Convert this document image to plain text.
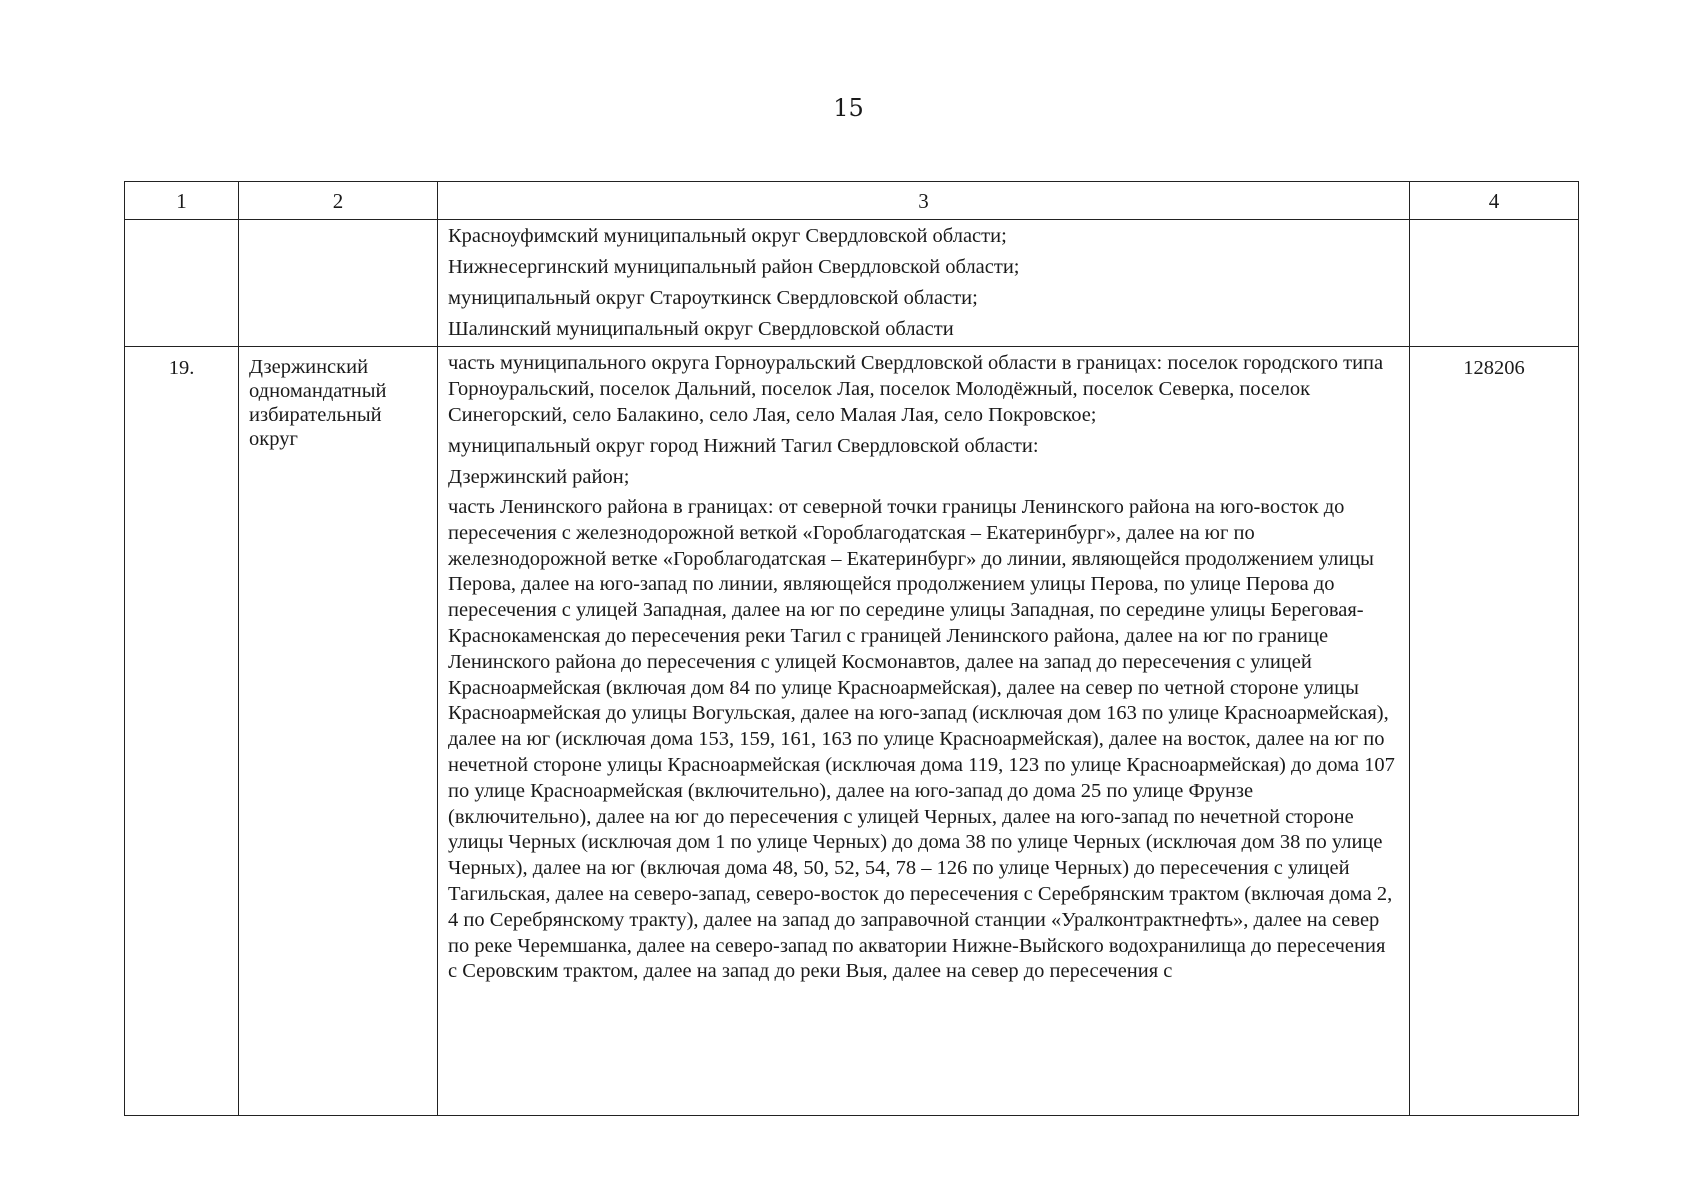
15
1	2	3	4

		Красноуфимский муниципальный округ Свердловской области;
Нижнесергинский муниципальный район Свердловской области;
муниципальный округ Староуткинск Свердловской области;
Шалинский муниципальный округ Свердловской области	

19.	Дзержинский одномандатный избирательный округ	часть муниципального округа Горноуральский Свердловской области в границах: поселок городского типа Горноуральский, поселок Дальний, поселок Лая, поселок Молодёжный, поселок Северка, поселок Синегорский, село Балакино, село Лая, село Малая Лая, село Покровское;
муниципальный округ город Нижний Тагил Свердловской области:
Дзержинский район;
часть Ленинского района в границах: от северной точки границы Ленинского района на юго-восток до пересечения с железнодорожной веткой «Гороблагодатская – Екатеринбург», далее на юг по железнодорожной ветке «Гороблагодатская – Екатеринбург» до линии, являющейся продолжением улицы Перова, далее на юго-запад по линии, являющейся продолжением улицы Перова, по улице Перова до пересечения с улицей Западная, далее на юг по середине улицы Западная, по середине улицы Береговая-Краснокаменская до пересечения реки Тагил с границей Ленинского района, далее на юг по границе Ленинского района до пересечения с улицей Космонавтов, далее на запад до пересечения с улицей Красноармейская (включая дом 84 по улице Красноармейская), далее на север по четной стороне улицы Красноармейская до улицы Вогульская, далее на юго-запад (исключая дом 163 по улице Красноармейская), далее на юг (исключая дома 153, 159, 161, 163 по улице Красноармейская), далее на восток, далее на юг по нечетной стороне улицы Красноармейская (исключая дома 119, 123 по улице Красноармейская) до дома 107 по улице Красноармейская (включительно), далее на юго-запад до дома 25 по улице Фрунзе (включительно), далее на юг до пересечения с улицей Черных, далее на юго-запад по нечетной стороне улицы Черных (исключая дом 1 по улице Черных) до дома 38 по улице Черных (исключая дом 38 по улице Черных), далее на юг (включая дома 48, 50, 52, 54, 78 – 126 по улице Черных) до пересечения с улицей Тагильская, далее на северо-запад, северо-восток до пересечения с Серебрянским трактом (включая дома 2, 4 по Серебрянскому тракту), далее на запад до заправочной станции «Уралконтрактнефть», далее на север по реке Черемшанка, далее на северо-запад по акватории Нижне-Выйского водохранилища до пересечения с Серовским трактом, далее на запад до реки Выя, далее на север до пересечения с	128206
